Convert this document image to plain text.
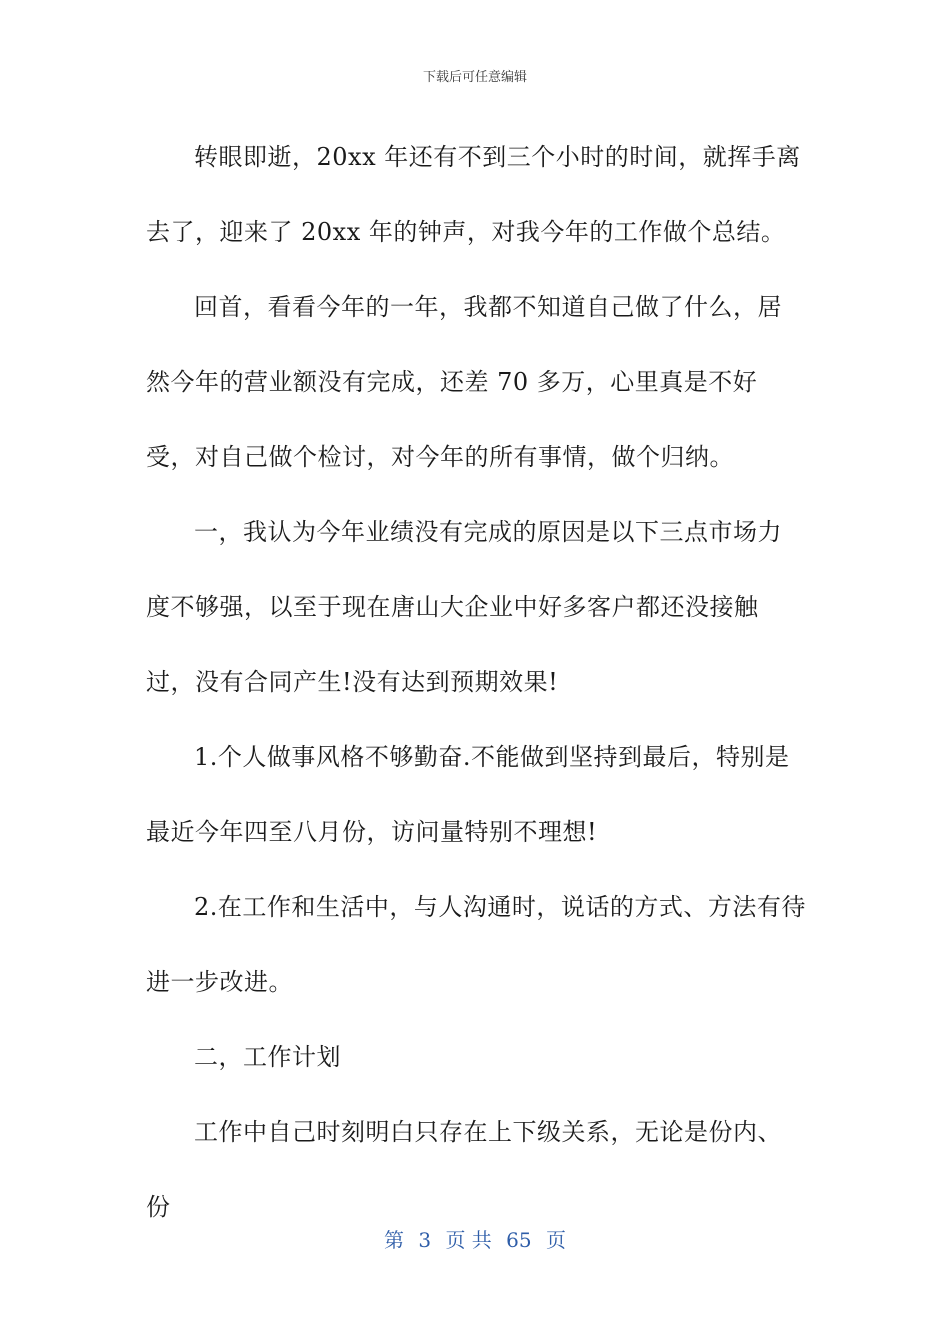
下载后可任意编辑

转眼即逝，20xx 年还有不到三个小时的时间，就挥手离去了，迎来了 20xx 年的钟声，对我今年的工作做个总结。

回首，看看今年的一年，我都不知道自己做了什么，居然今年的营业额没有完成，还差 70 多万，心里真是不好受，对自己做个检讨，对今年的所有事情，做个归纳。

一，我认为今年业绩没有完成的原因是以下三点市场力度不够强，以至于现在唐山大企业中好多客户都还没接触过，没有合同产生!没有达到预期效果!

1.个人做事风格不够勤奋.不能做到坚持到最后，特别是最近今年四至八月份，访问量特别不理想!

2.在工作和生活中，与人沟通时，说话的方式、方法有待进一步改进。

二，工作计划

工作中自己时刻明白只存在上下级关系，无论是份内、份

第 3 页 共 65 页
